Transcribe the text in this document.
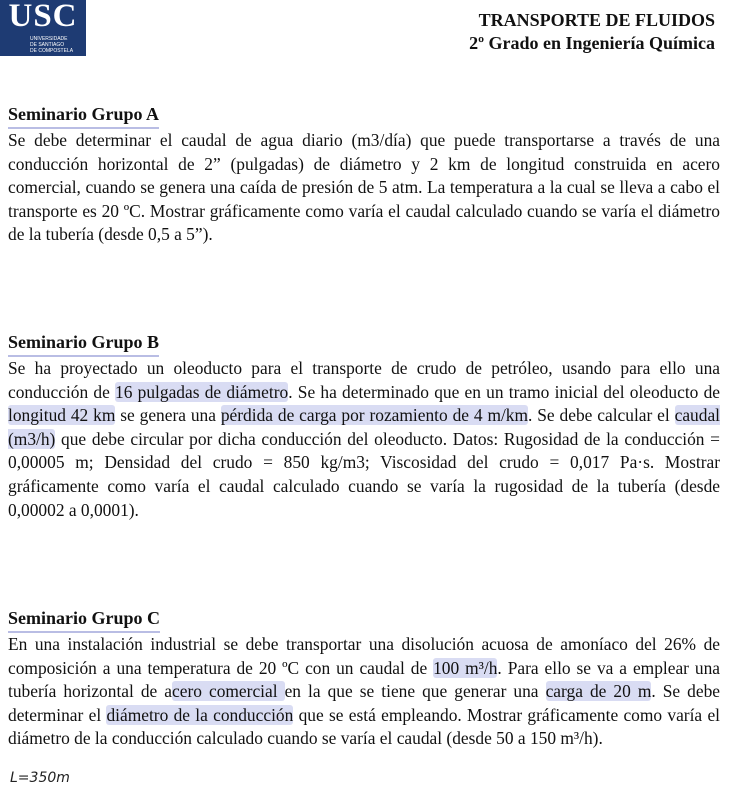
USC
UNIVERSIDADE
DE SANTIAGO
DE COMPOSTELA
TRANSPORTE DE FLUIDOS
2º Grado en Ingeniería Química
Seminario Grupo A

Se debe determinar el caudal de agua diario (m3/día) que puede transportarse a través de una conducción horizontal de 2” (pulgadas) de diámetro y 2 km de longitud construida en acero comercial, cuando se genera una caída de presión de 5 atm. La temperatura a la cual se lleva a cabo el transporte es 20 ºC. Mostrar gráficamente como varía el caudal calculado cuando se varía el diámetro de la tubería (desde 0,5 a 5”).

Seminario Grupo B

Se ha proyectado un oleoducto para el transporte de crudo de petróleo, usando para ello una conducción de 16 pulgadas de diámetro. Se ha determinado que en un tramo inicial del oleoducto de longitud 42 km se genera una pérdida de carga por rozamiento de 4 m/km. Se debe calcular el caudal (m3/h) que debe circular por dicha conducción del oleoducto. Datos: Rugosidad de la conducción = 0,00005 m; Densidad del crudo = 850 kg/m3; Viscosidad del crudo = 0,017 Pa·s. Mostrar gráficamente como varía el caudal calculado cuando se varía la rugosidad de la tubería (desde 0,00002 a 0,0001).

Seminario Grupo C

En una instalación industrial se debe transportar una disolución acuosa de amoníaco del 26% de composición a una temperatura de 20 ºC con un caudal de 100 m³/h. Para ello se va a emplear una tubería horizontal de acero comercial en la que se tiene que generar una carga de 20 m. Se debe determinar el diámetro de la conducción que se está empleando. Mostrar gráficamente como varía el diámetro de la conducción calculado cuando se varía el caudal (desde 50 a 150 m³/h).

L=350m
